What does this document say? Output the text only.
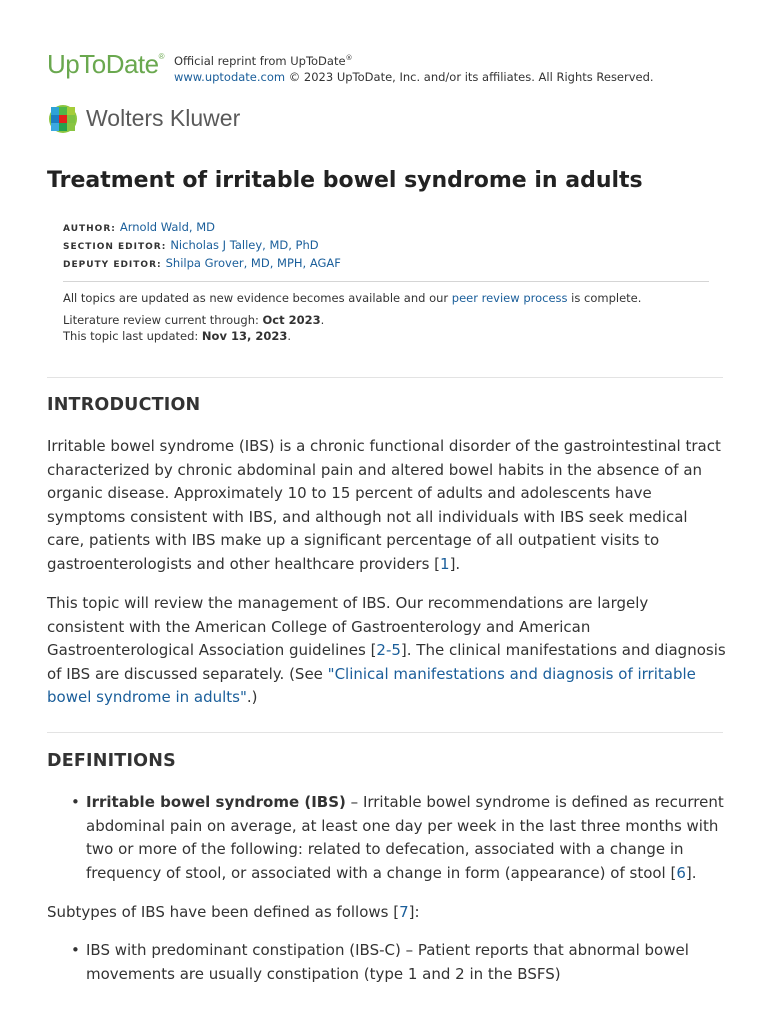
UpToDate® Official reprint from UpToDate®
www.uptodate.com © 2023 UpToDate, Inc. and/or its affiliates. All Rights Reserved.
Wolters Kluwer
Treatment of irritable bowel syndrome in adults
AUTHOR: Arnold Wald, MD
SECTION EDITOR: Nicholas J Talley, MD, PhD
DEPUTY EDITOR: Shilpa Grover, MD, MPH, AGAF
All topics are updated as new evidence becomes available and our peer review process is complete.
Literature review current through: Oct 2023.
This topic last updated: Nov 13, 2023.
INTRODUCTION

Irritable bowel syndrome (IBS) is a chronic functional disorder of the gastrointestinal tract characterized by chronic abdominal pain and altered bowel habits in the absence of an organic disease. Approximately 10 to 15 percent of adults and adolescents have symptoms consistent with IBS, and although not all individuals with IBS seek medical care, patients with IBS make up a significant percentage of all outpatient visits to gastroenterologists and other healthcare providers [1].

This topic will review the management of IBS. Our recommendations are largely consistent with the American College of Gastroenterology and American Gastroenterological Association guidelines [2-5]. The clinical manifestations and diagnosis of IBS are discussed separately. (See "Clinical manifestations and diagnosis of irritable bowel syndrome in adults".)

DEFINITIONS

• Irritable bowel syndrome (IBS) – Irritable bowel syndrome is defined as recurrent abdominal pain on average, at least one day per week in the last three months with two or more of the following: related to defecation, associated with a change in frequency of stool, or associated with a change in form (appearance) of stool [6].

Subtypes of IBS have been defined as follows [7]:

• IBS with predominant constipation (IBS-C) – Patient reports that abnormal bowel movements are usually constipation (type 1 and 2 in the BSFS)
